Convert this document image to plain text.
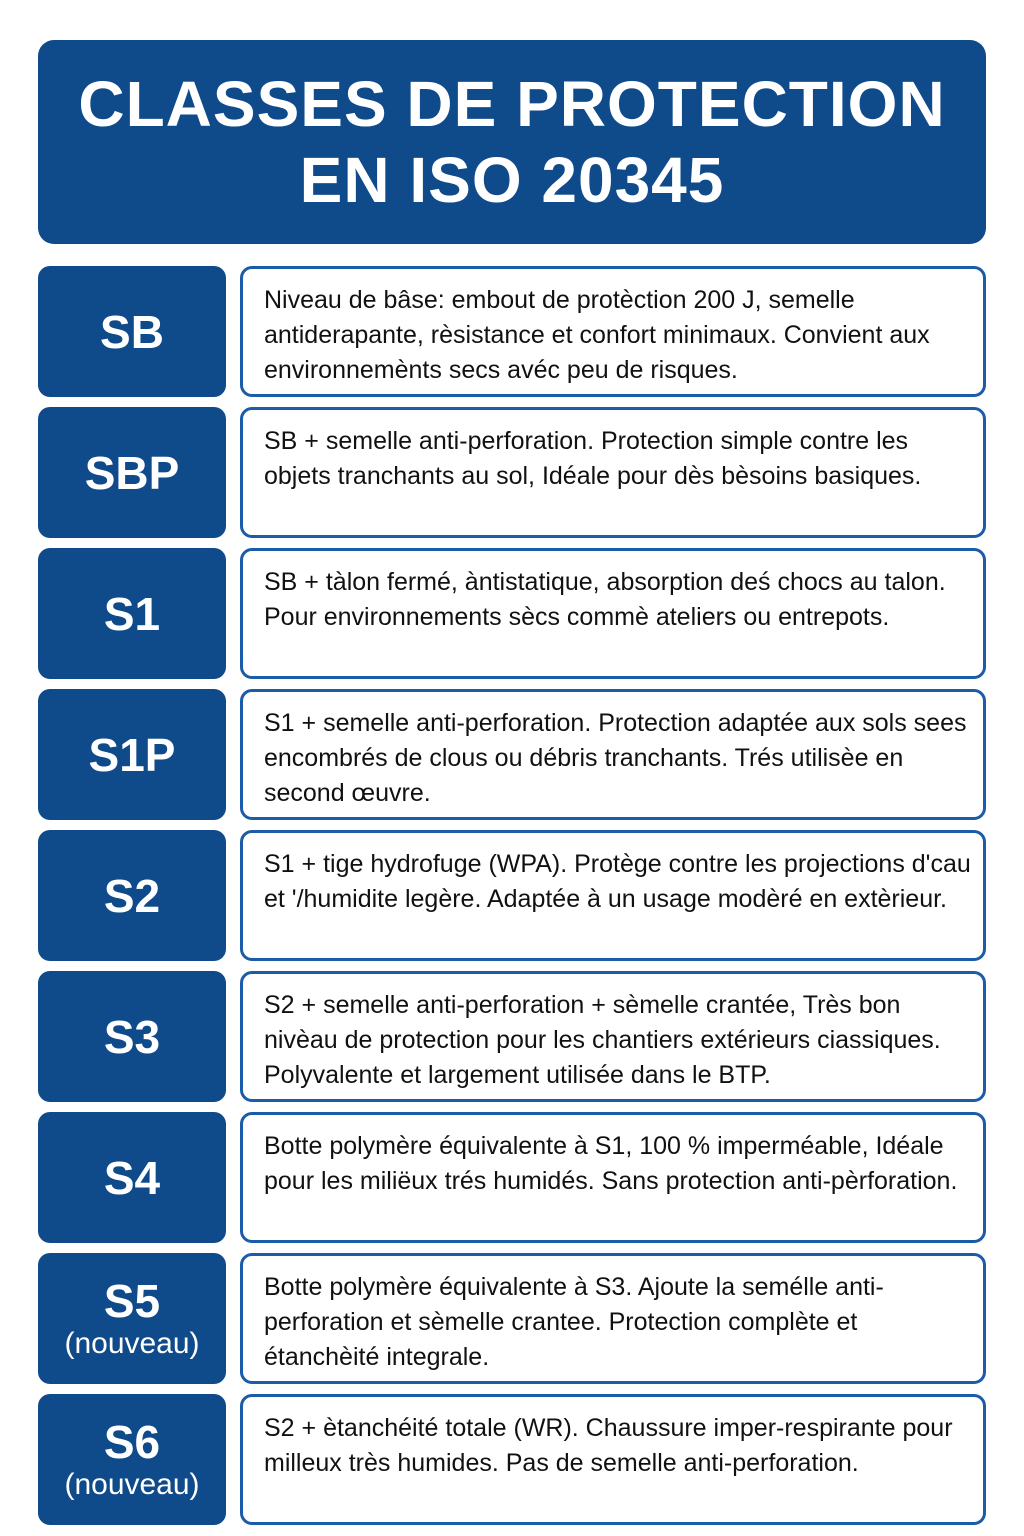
CLASSES DE PROTECTION
EN ISO 20345
SB
Niveau de bâse: embout de protèction 200 J, semelle antiderapante, rèsistance et confort minimaux. Convient aux environnemènts secs avéc peu de risques.
SBP
SB + semelle anti-perforation. Protection simple contre les objets tranchants au sol, Idéale pour dès bèsoins basiques.
S1
SB + tàlon fermé, àntistatique, absorption deś chocs au talon. Pour environnements sècs commè ateliers ou entrepots.
S1P
S1 + semelle anti-perforation. Protection adaptée aux sols sees encombrés de clous ou débris tranchants. Trés utilisèe en second œuvre.
S2
S1 + tige hydrofuge (WPA). Protège contre les projections d'cau et '/humidite legère. Adaptée à un usage modèré en extèrieur.
S3
S2 + semelle anti-perforation + sèmelle crantée, Très bon nivèau de protection pour les chantiers extérieurs ciassiques. Polyvalente et largement utilisée dans le BTP.
S4
Botte polymère équivalente à S1, 100 % imperméable, Idéale pour les miliëux trés humidés. Sans protection anti-pèrforation.
S5
(nouveau)
Botte polymère équivalente à S3. Ajoute la semélle anti-perforation et sèmelle crantee. Protection complète et étanchèité integrale.
S6
(nouveau)
S2 + ètanchéité totale (WR). Chaussure imper-respirante pour milleux très humides. Pas de semelle anti-perforation.
